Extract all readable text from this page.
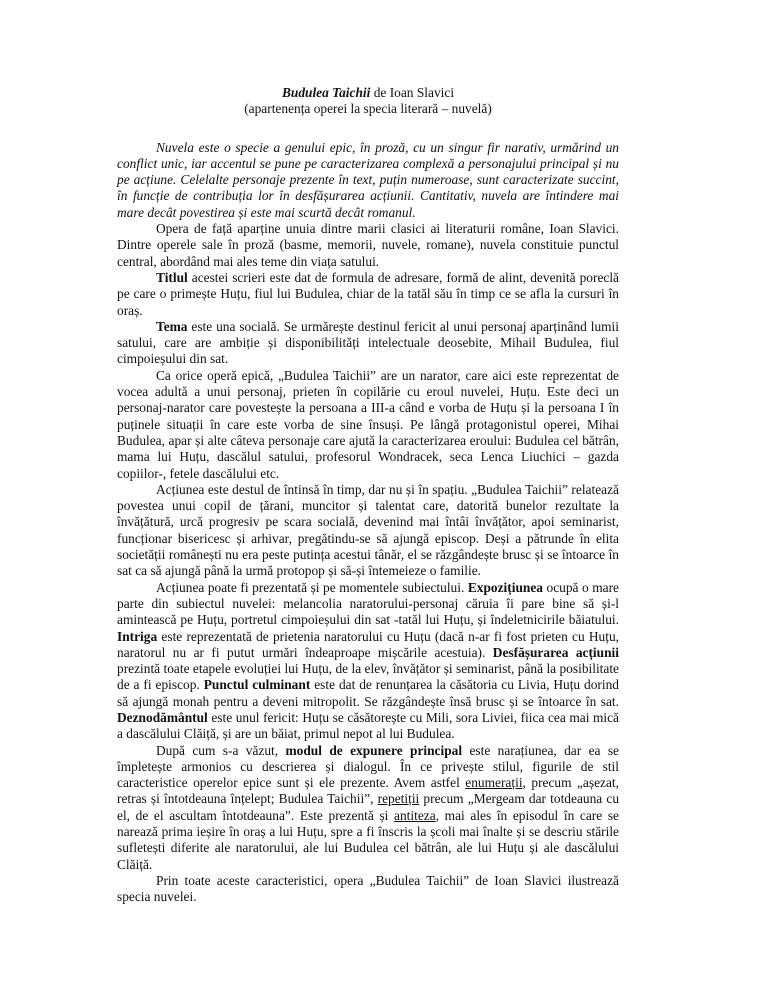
Budulea Taichii de Ioan Slavici
(apartenența operei la specia literară – nuvelă)

Nuvela este o specie a genului epic, în proză, cu un singur fir narativ, urmărind un conflict unic, iar accentul se pune pe caracterizarea complexă a personajului principal și nu pe acțiune. Celelalte personaje prezente în text, puțin numeroase, sunt caracterizate succint, în funcție de contribuția lor în desfășurarea acțiunii. Cantitativ, nuvela are întindere mai mare decât povestirea și este mai scurtă decât romanul.

Opera de față aparține unuia dintre marii clasici ai literaturii române, Ioan Slavici. Dintre operele sale în proză (basme, memorii, nuvele, romane), nuvela constituie punctul central, abordând mai ales teme din viața satului.

Titlul acestei scrieri este dat de formula de adresare, formă de alint, devenită poreclă pe care o primește Huțu, fiul lui Budulea, chiar de la tatăl său în timp ce se afla la cursuri în oraș.

Tema este una socială. Se urmărește destinul fericit al unui personaj aparținând lumii satului, care are ambiție și disponibilități intelectuale deosebite, Mihail Budulea, fiul cimpoieșului din sat.

Ca orice operă epică, „Budulea Taichii” are un narator, care aici este reprezentat de vocea adultă a unui personaj, prieten în copilărie cu eroul nuvelei, Huțu. Este deci un personaj-narator care povestește la persoana a III-a când e vorba de Huțu și la persoana I în puținele situații în care este vorba de sine însuși. Pe lângă protagonistul operei, Mihai Budulea, apar și alte câteva personaje care ajută la caracterizarea eroului: Budulea cel bătrân, mama lui Huțu, dascălul satului, profesorul Wondracek, seca Lenca Liuchici – gazda copiilor-, fetele dascălului etc.

Acțiunea este destul de întinsă în timp, dar nu și în spațiu. „Budulea Taichii” relatează povestea unui copil de țărani, muncitor și talentat care, datorită bunelor rezultate la învățătură, urcă progresiv pe scara socială, devenind mai întâi învățător, apoi seminarist, funcționar bisericesc și arhivar, pregătindu-se să ajungă episcop. Deși a pătrunde în elita societății românești nu era peste putința acestui tânăr, el se răzgândește brusc și se întoarce în sat ca să ajungă până la urmă protopop și să-și întemeieze o familie.

Acțiunea poate fi prezentată și pe momentele subiectului. Expozițiunea ocupă o mare parte din subiectul nuvelei: melancolia naratorului-personaj căruia îi pare bine să și-l amintească pe Huțu, portretul cimpoieșului din sat -tatăl lui Huțu, și îndeletnicirile băiatului. Intriga este reprezentată de prietenia naratorului cu Huțu (dacă n-ar fi fost prieten cu Huțu, naratorul nu ar fi putut urmări îndeaproape mișcările acestuia). Desfășurarea acțiunii prezintă toate etapele evoluției lui Huțu, de la elev, învățător și seminarist, până la posibilitate de a fi episcop. Punctul culminant este dat de renunțarea la căsătoria cu Livia, Huțu dorind să ajungă monah pentru a deveni mitropolit. Se răzgândește însă brusc și se întoarce în sat. Deznodământul este unul fericit: Huțu se căsătorește cu Mili, sora Liviei, fiica cea mai mică a dascălului Clăiță, și are un băiat, primul nepot al lui Budulea.

După cum s-a văzut, modul de expunere principal este narațiunea, dar ea se împletește armonios cu descrierea și dialogul. În ce privește stilul, figurile de stil caracteristice operelor epice sunt și ele prezente. Avem astfel enumerații, precum „așezat, retras și întotdeauna înțelept; Budulea Taichii”, repetiții precum „Mergeam dar totdeauna cu el, de el ascultam întotdeauna”. Este prezentă și antiteza, mai ales în episodul în care se narează prima ieșire în oraș a lui Huțu, spre a fi înscris la școli mai înalte și se descriu stările sufletești diferite ale naratorului, ale lui Budulea cel bătrân, ale lui Huțu și ale dascălului Clăiță.

Prin toate aceste caracteristici, opera „Budulea Taichii” de Ioan Slavici ilustrează specia nuvelei.
